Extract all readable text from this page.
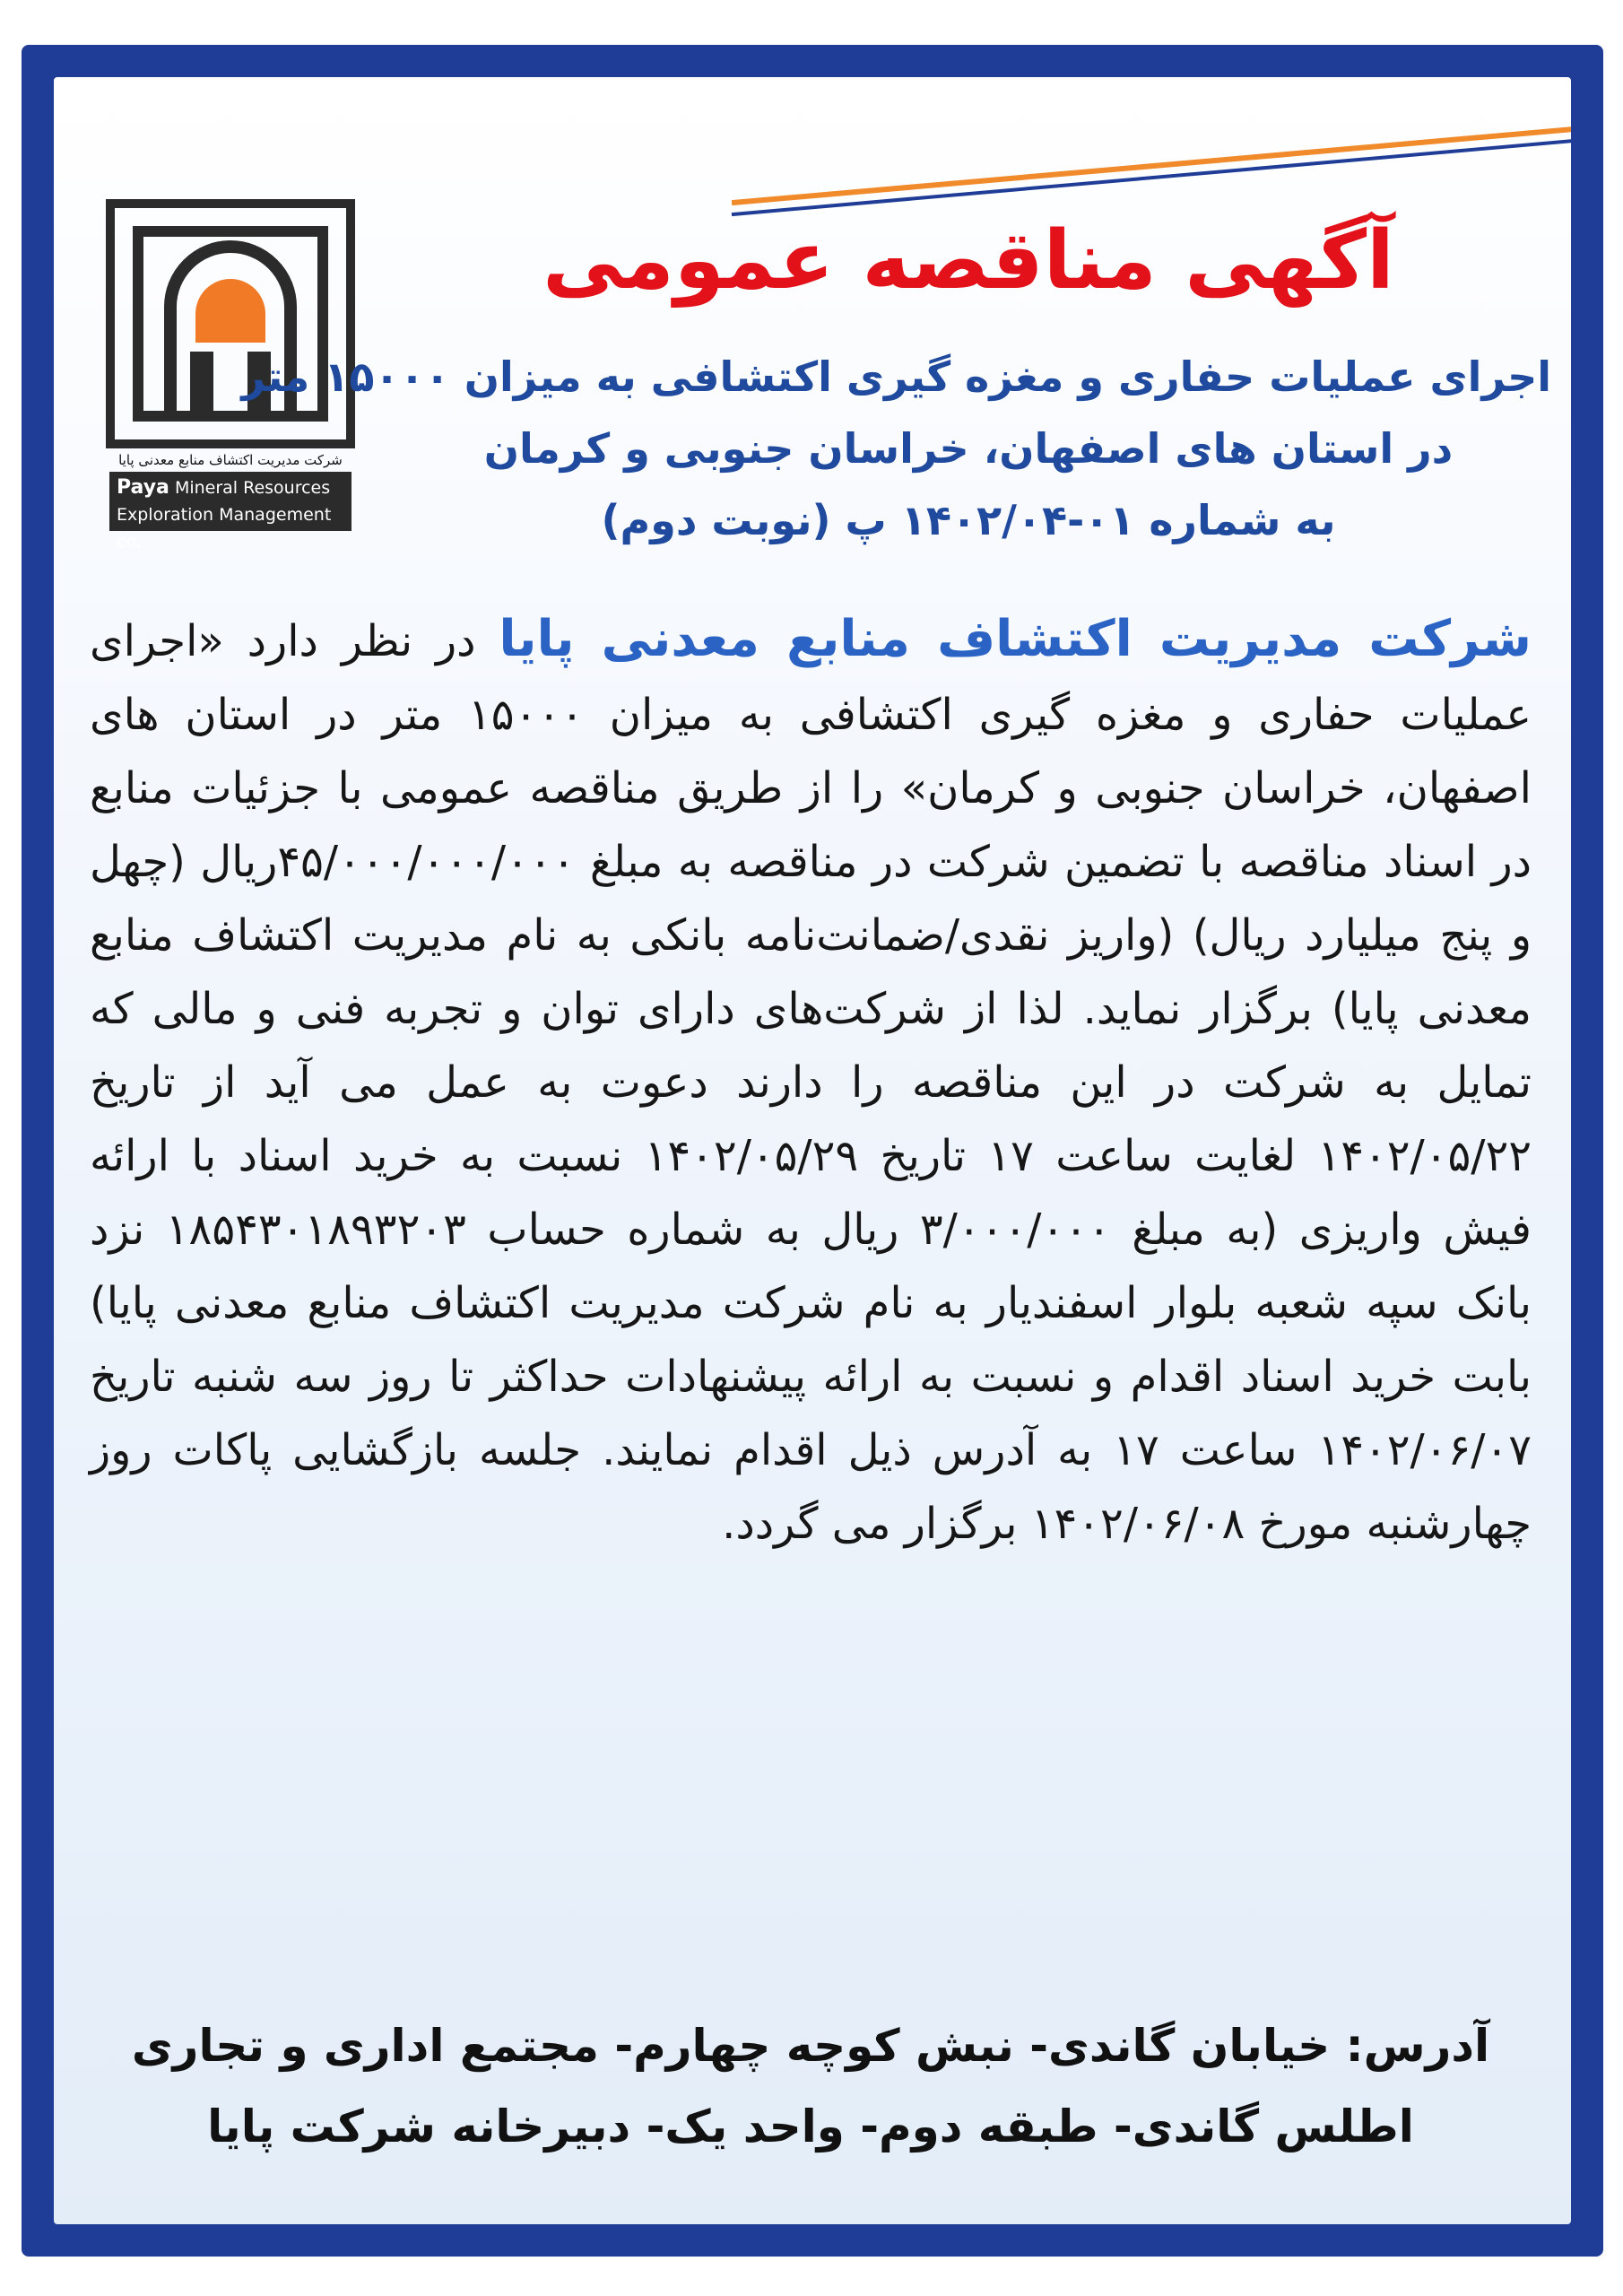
شرکت مدیریت اکتشاف منابع معدنی پایا
Paya Mineral Resources
Exploration Management co.
آگهی مناقصه عمومی
اجرای عملیات حفاری و مغزه گیری اکتشافی به میزان ۱۵۰۰۰ متر
در استان های اصفهان، خراسان جنوبی و کرمان
به شماره ۰۱-۱۴۰۲/۰۴ پ (نوبت دوم)
شرکت مدیریت اکتشاف منابع معدنی پایا در نظر دارد «اجرای عملیات حفاری و مغزه گیری اکتشافی به میزان ۱۵۰۰۰ متر در استان های اصفهان، خراسان جنوبی و کرمان» را از طریق مناقصه عمومی با جزئیات منابع در اسناد مناقصه با تضمین شرکت در مناقصه به مبلغ ۴۵/۰۰۰/۰۰۰/۰۰۰ریال (چهل و پنج میلیارد ریال) (واریز نقدی/ضمانت‌نامه بانکی به نام مدیریت اکتشاف منابع معدنی پایا) برگزار نماید. لذا از شرکت‌های دارای توان و تجربه فنی و مالی که تمایل به شرکت در این مناقصه را دارند دعوت به عمل می آید از تاریخ ۱۴۰۲/۰۵/۲۲ لغایت ساعت ۱۷ تاریخ ۱۴۰۲/۰۵/۲۹ نسبت به خرید اسناد با ارائه فیش واریزی (به مبلغ ۳/۰۰۰/۰۰۰ ریال به شماره حساب ۱۸۵۴۳۰۱۸۹۳۲۰۳ نزد بانک سپه شعبه بلوار اسفندیار به نام شرکت مدیریت اکتشاف منابع معدنی پایا) بابت خرید اسناد اقدام و نسبت به ارائه پیشنهادات حداکثر تا روز سه شنبه تاریخ ۱۴۰۲/۰۶/۰۷ ساعت ۱۷ به آدرس ذیل اقدام نمایند. جلسه بازگشایی پاکات روز چهارشنبه مورخ ۱۴۰۲/۰۶/۰۸ برگزار می گردد.
آدرس: خیابان گاندی- نبش کوچه چهارم- مجتمع اداری و تجاری
اطلس گاندی- طبقه دوم- واحد یک- دبیرخانه شرکت پایا
